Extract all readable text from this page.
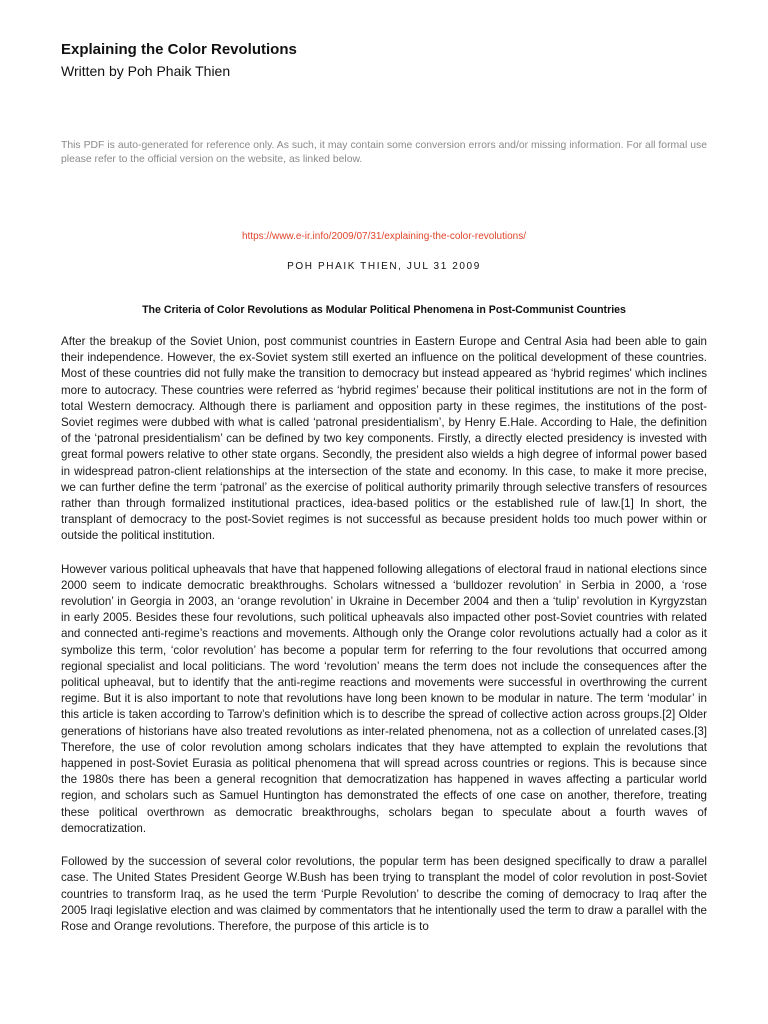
Explaining the Color Revolutions
Written by Poh Phaik Thien
This PDF is auto-generated for reference only. As such, it may contain some conversion errors and/or missing information. For all formal use please refer to the official version on the website, as linked below.
https://www.e-ir.info/2009/07/31/explaining-the-color-revolutions/
POH PHAIK THIEN, JUL 31 2009
The Criteria of Color Revolutions as Modular Political Phenomena in Post-Communist Countries

After the breakup of the Soviet Union, post communist countries in Eastern Europe and Central Asia had been able to gain their independence. However, the ex-Soviet system still exerted an influence on the political development of these countries. Most of these countries did not fully make the transition to democracy but instead appeared as ‘hybrid regimes' which inclines more to autocracy. These countries were referred as ‘hybrid regimes’ because their political institutions are not in the form of total Western democracy. Although there is parliament and opposition party in these regimes, the institutions of the post-Soviet regimes were dubbed with what is called ‘patronal presidentialism’, by Henry E.Hale. According to Hale, the definition of the ‘patronal presidentialism’ can be defined by two key components. Firstly, a directly elected presidency is invested with great formal powers relative to other state organs. Secondly, the president also wields a high degree of informal power based in widespread patron-client relationships at the intersection of the state and economy. In this case, to make it more precise, we can further define the term ‘patronal’ as the exercise of political authority primarily through selective transfers of resources rather than through formalized institutional practices, idea-based politics or the established rule of law.[1] In short, the transplant of democracy to the post-Soviet regimes is not successful as because president holds too much power within or outside the political institution.

However various political upheavals that have that happened following allegations of electoral fraud in national elections since 2000 seem to indicate democratic breakthroughs. Scholars witnessed a ‘bulldozer revolution’ in Serbia in 2000, a ‘rose revolution’ in Georgia in 2003, an ‘orange revolution’ in Ukraine in December 2004 and then a ‘tulip’ revolution in Kyrgyzstan in early 2005. Besides these four revolutions, such political upheavals also impacted other post-Soviet countries with related and connected anti-regime’s reactions and movements. Although only the Orange color revolutions actually had a color as it symbolize this term, ‘color revolution’ has become a popular term for referring to the four revolutions that occurred among regional specialist and local politicians. The word ‘revolution’ means the term does not include the consequences after the political upheaval, but to identify that the anti-regime reactions and movements were successful in overthrowing the current regime. But it is also important to note that revolutions have long been known to be modular in nature. The term ‘modular’ in this article is taken according to Tarrow’s definition which is to describe the spread of collective action across groups.[2] Older generations of historians have also treated revolutions as inter-related phenomena, not as a collection of unrelated cases.[3] Therefore, the use of color revolution among scholars indicates that they have attempted to explain the revolutions that happened in post-Soviet Eurasia as political phenomena that will spread across countries or regions. This is because since the 1980s there has been a general recognition that democratization has happened in waves affecting a particular world region, and scholars such as Samuel Huntington has demonstrated the effects of one case on another, therefore, treating these political overthrown as democratic breakthroughs, scholars began to speculate about a fourth waves of democratization.

Followed by the succession of several color revolutions, the popular term has been designed specifically to draw a parallel case. The United States President George W.Bush has been trying to transplant the model of color revolution in post-Soviet countries to transform Iraq, as he used the term ‘Purple Revolution’ to describe the coming of democracy to Iraq after the 2005 Iraqi legislative election and was claimed by commentators that he intentionally used the term to draw a parallel with the Rose and Orange revolutions. Therefore, the purpose of this article is to
